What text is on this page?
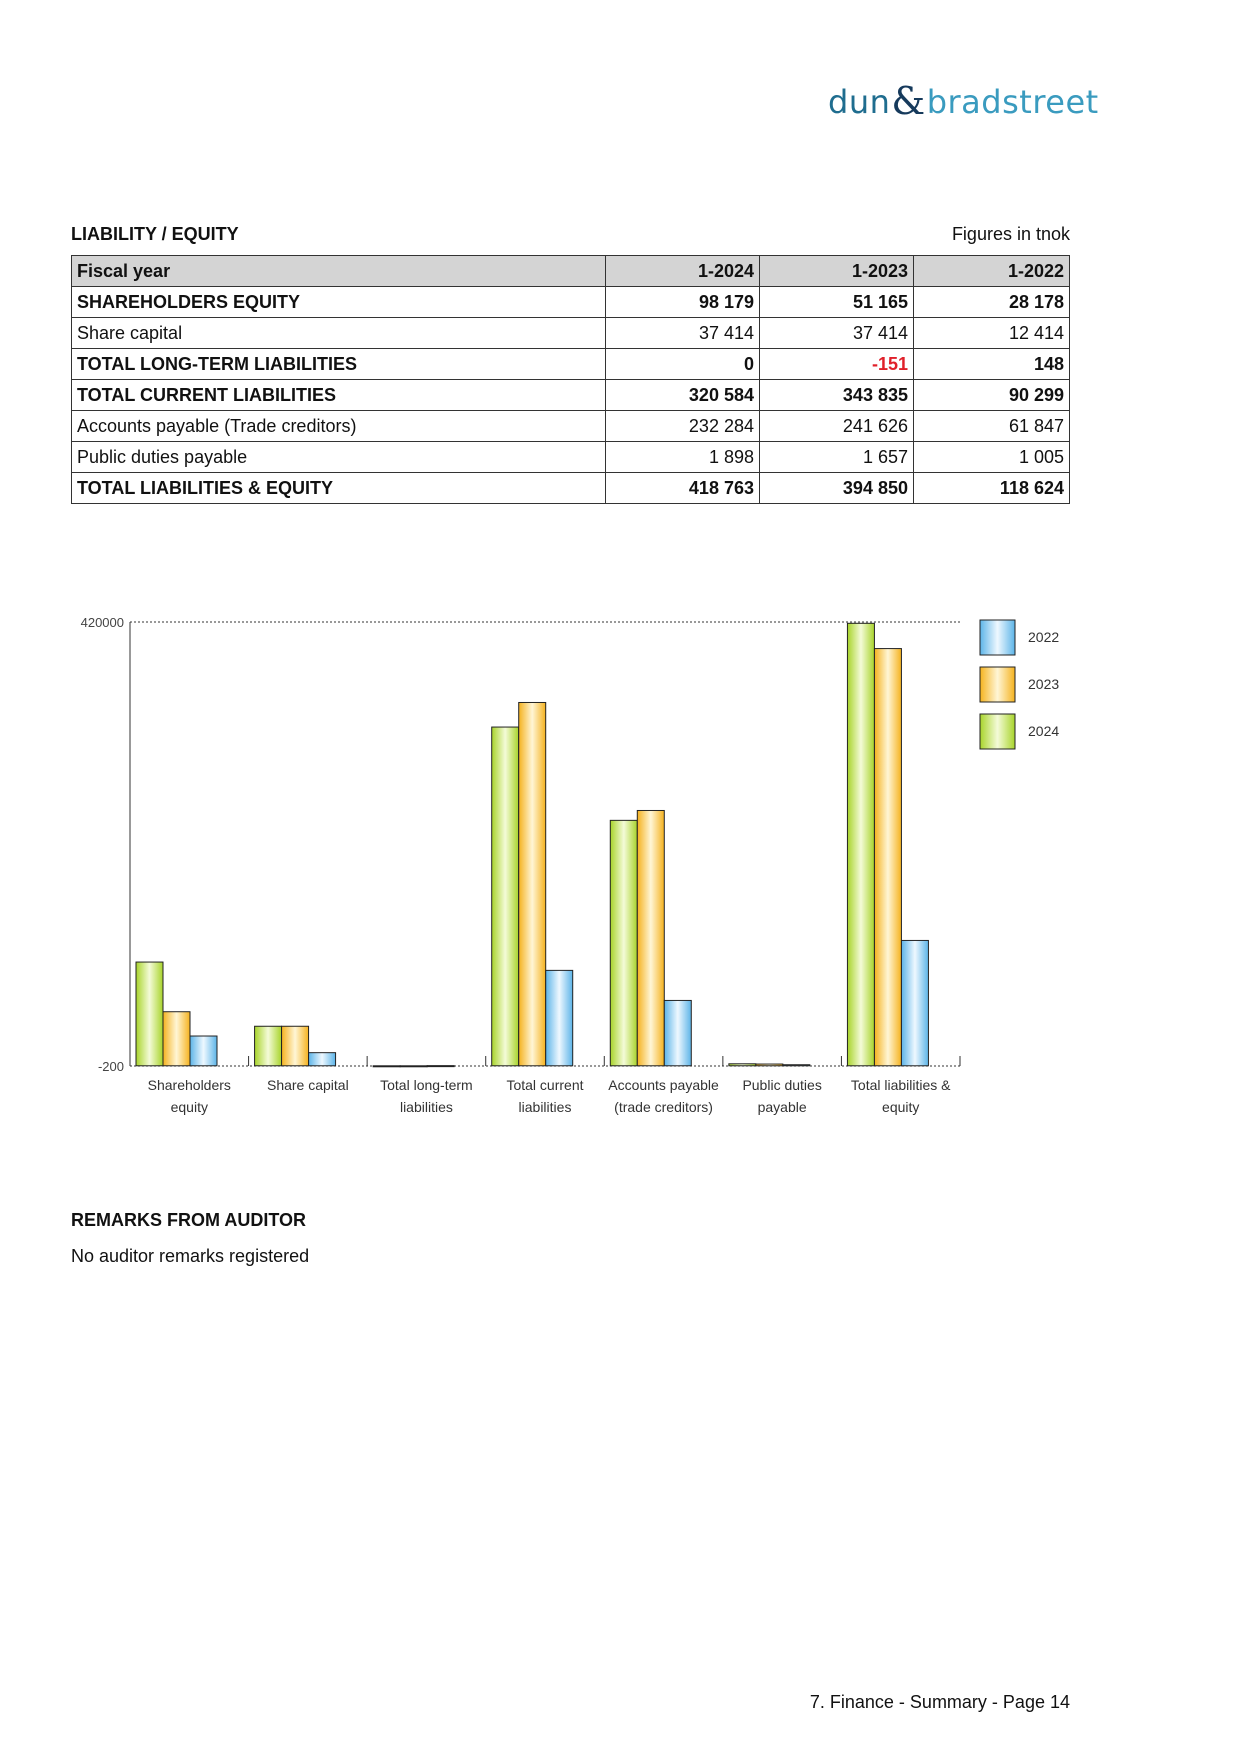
dun & bradstreet
LIABILITY / EQUITY	Figures in tnok
Fiscal year	1-2024	1-2023	1-2022
SHAREHOLDERS EQUITY	98 179	51 165	28 178
Share capital	37 414	37 414	12 414
TOTAL LONG-TERM LIABILITIES	0	-151	148
TOTAL CURRENT LIABILITIES	320 584	343 835	90 299
Accounts payable (Trade creditors)	232 284	241 626	61 847
Public duties payable	1 898	1 657	1 005
TOTAL LIABILITIES & EQUITY	418 763	394 850	118 624
420000
-200
Shareholders
equity
Share capital Total long-term
liabilities
Total current
liabilities
Accounts payable
(trade creditors)
Public duties
payable
Total liabilities &
equity
2022
2023
2024
REMARKS FROM AUDITOR
No auditor remarks registered
7. Finance - Summary - Page 14
